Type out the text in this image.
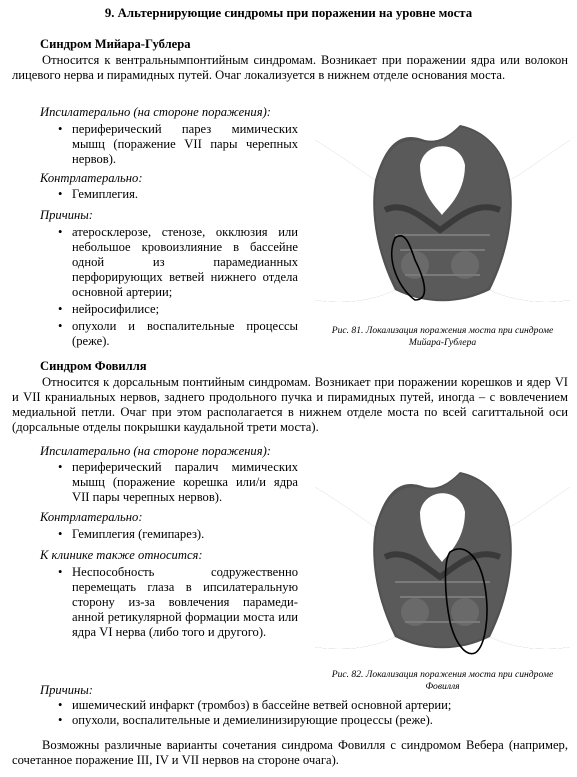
9. Альтернирующие синдромы при поражении на уровне моста
Синдром Мийара-Гублера
Относится к вентральнымпонтийным синдромам. Возникает при поражении ядра или волокон лицевого нерва и пирамидных путей. Очаг локализуется в нижнем отделе основания моста.
Ипсилатерально (на стороне поражения):
• периферический парез мимических мышц (поражение VII пары черепных нервов).
Контрлатерально:
• Гемиплегия.
Причины:
• атеросклерозе, стенозе, окклюзия или небольшое кровоизлияние в бассейне одной из парамедианных перфорирующих ветвей нижнего отдела основной артерии;
• нейросифилисе;
• опухоли и воспалительные процессы (реже).
Рис. 81. Локализация поражения моста при синдроме Мийара-Гублера
Синдром Фовилля
Относится к дорсальным понтийным синдромам. Возникает при поражении корешков и ядер VI и VII краниальных нервов, заднего продольного пучка и пирамидных путей, иногда – с вовлечением медиальной петли. Очаг при этом располагается в нижнем отделе моста по всей сагиттальной оси (дорсальные отделы покрышки каудальной трети моста).
Ипсилатерально (на стороне поражения):
• периферический паралич мимических мышц (поражение корешка или/и ядра VII пары черепных нервов).
Контрлатерально:
• Гемиплегия (гемипарез).
К клинике также относится:
• Неспособность содружественно перемещать глаза в ипсилатеральную сторону из-за вовлечения парамеди- анной ретикулярной формации моста или ядра VI нерва (либо того и другого).
Рис. 82. Локализация поражения моста при синдроме Фовилля
Причины:
• ишемический инфаркт (тромбоз) в бассейне ветвей основной артерии;
• опухоли, воспалительные и демиелинизирующие процессы (реже).
Возможны различные варианты сочетания синдрома Фовилля с синдромом Вебера (например, сочетанное поражение III, IV и VII нервов на стороне очага).
